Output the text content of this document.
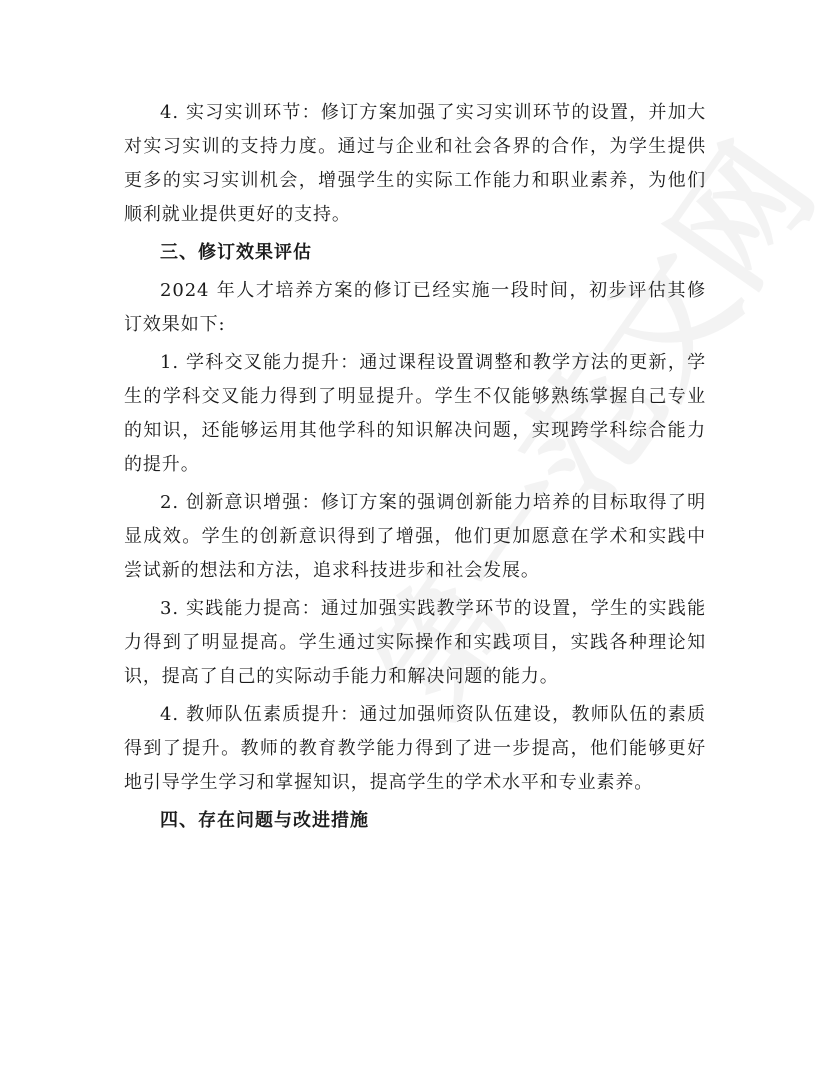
4. 实习实训环节：修订方案加强了实习实训环节的设置，并加大对实习实训的支持力度。通过与企业和社会各界的合作，为学生提供更多的实习实训机会，增强学生的实际工作能力和职业素养，为他们顺利就业提供更好的支持。

三、修订效果评估

2024 年人才培养方案的修订已经实施一段时间，初步评估其修订效果如下:

1. 学科交叉能力提升：通过课程设置调整和教学方法的更新，学生的学科交叉能力得到了明显提升。学生不仅能够熟练掌握自己专业的知识，还能够运用其他学科的知识解决问题，实现跨学科综合能力的提升。

2. 创新意识增强：修订方案的强调创新能力培养的目标取得了明显成效。学生的创新意识得到了增强，他们更加愿意在学术和实践中尝试新的想法和方法，追求科技进步和社会发展。

3. 实践能力提高：通过加强实践教学环节的设置，学生的实践能力得到了明显提高。学生通过实际操作和实践项目，实践各种理论知识，提高了自己的实际动手能力和解决问题的能力。

4. 教师队伍素质提升：通过加强师资队伍建设，教师队伍的素质得到了提升。教师的教育教学能力得到了进一步提高，他们能够更好地引导学生学习和掌握知识，提高学生的学术水平和专业素养。

四、存在问题与改进措施
